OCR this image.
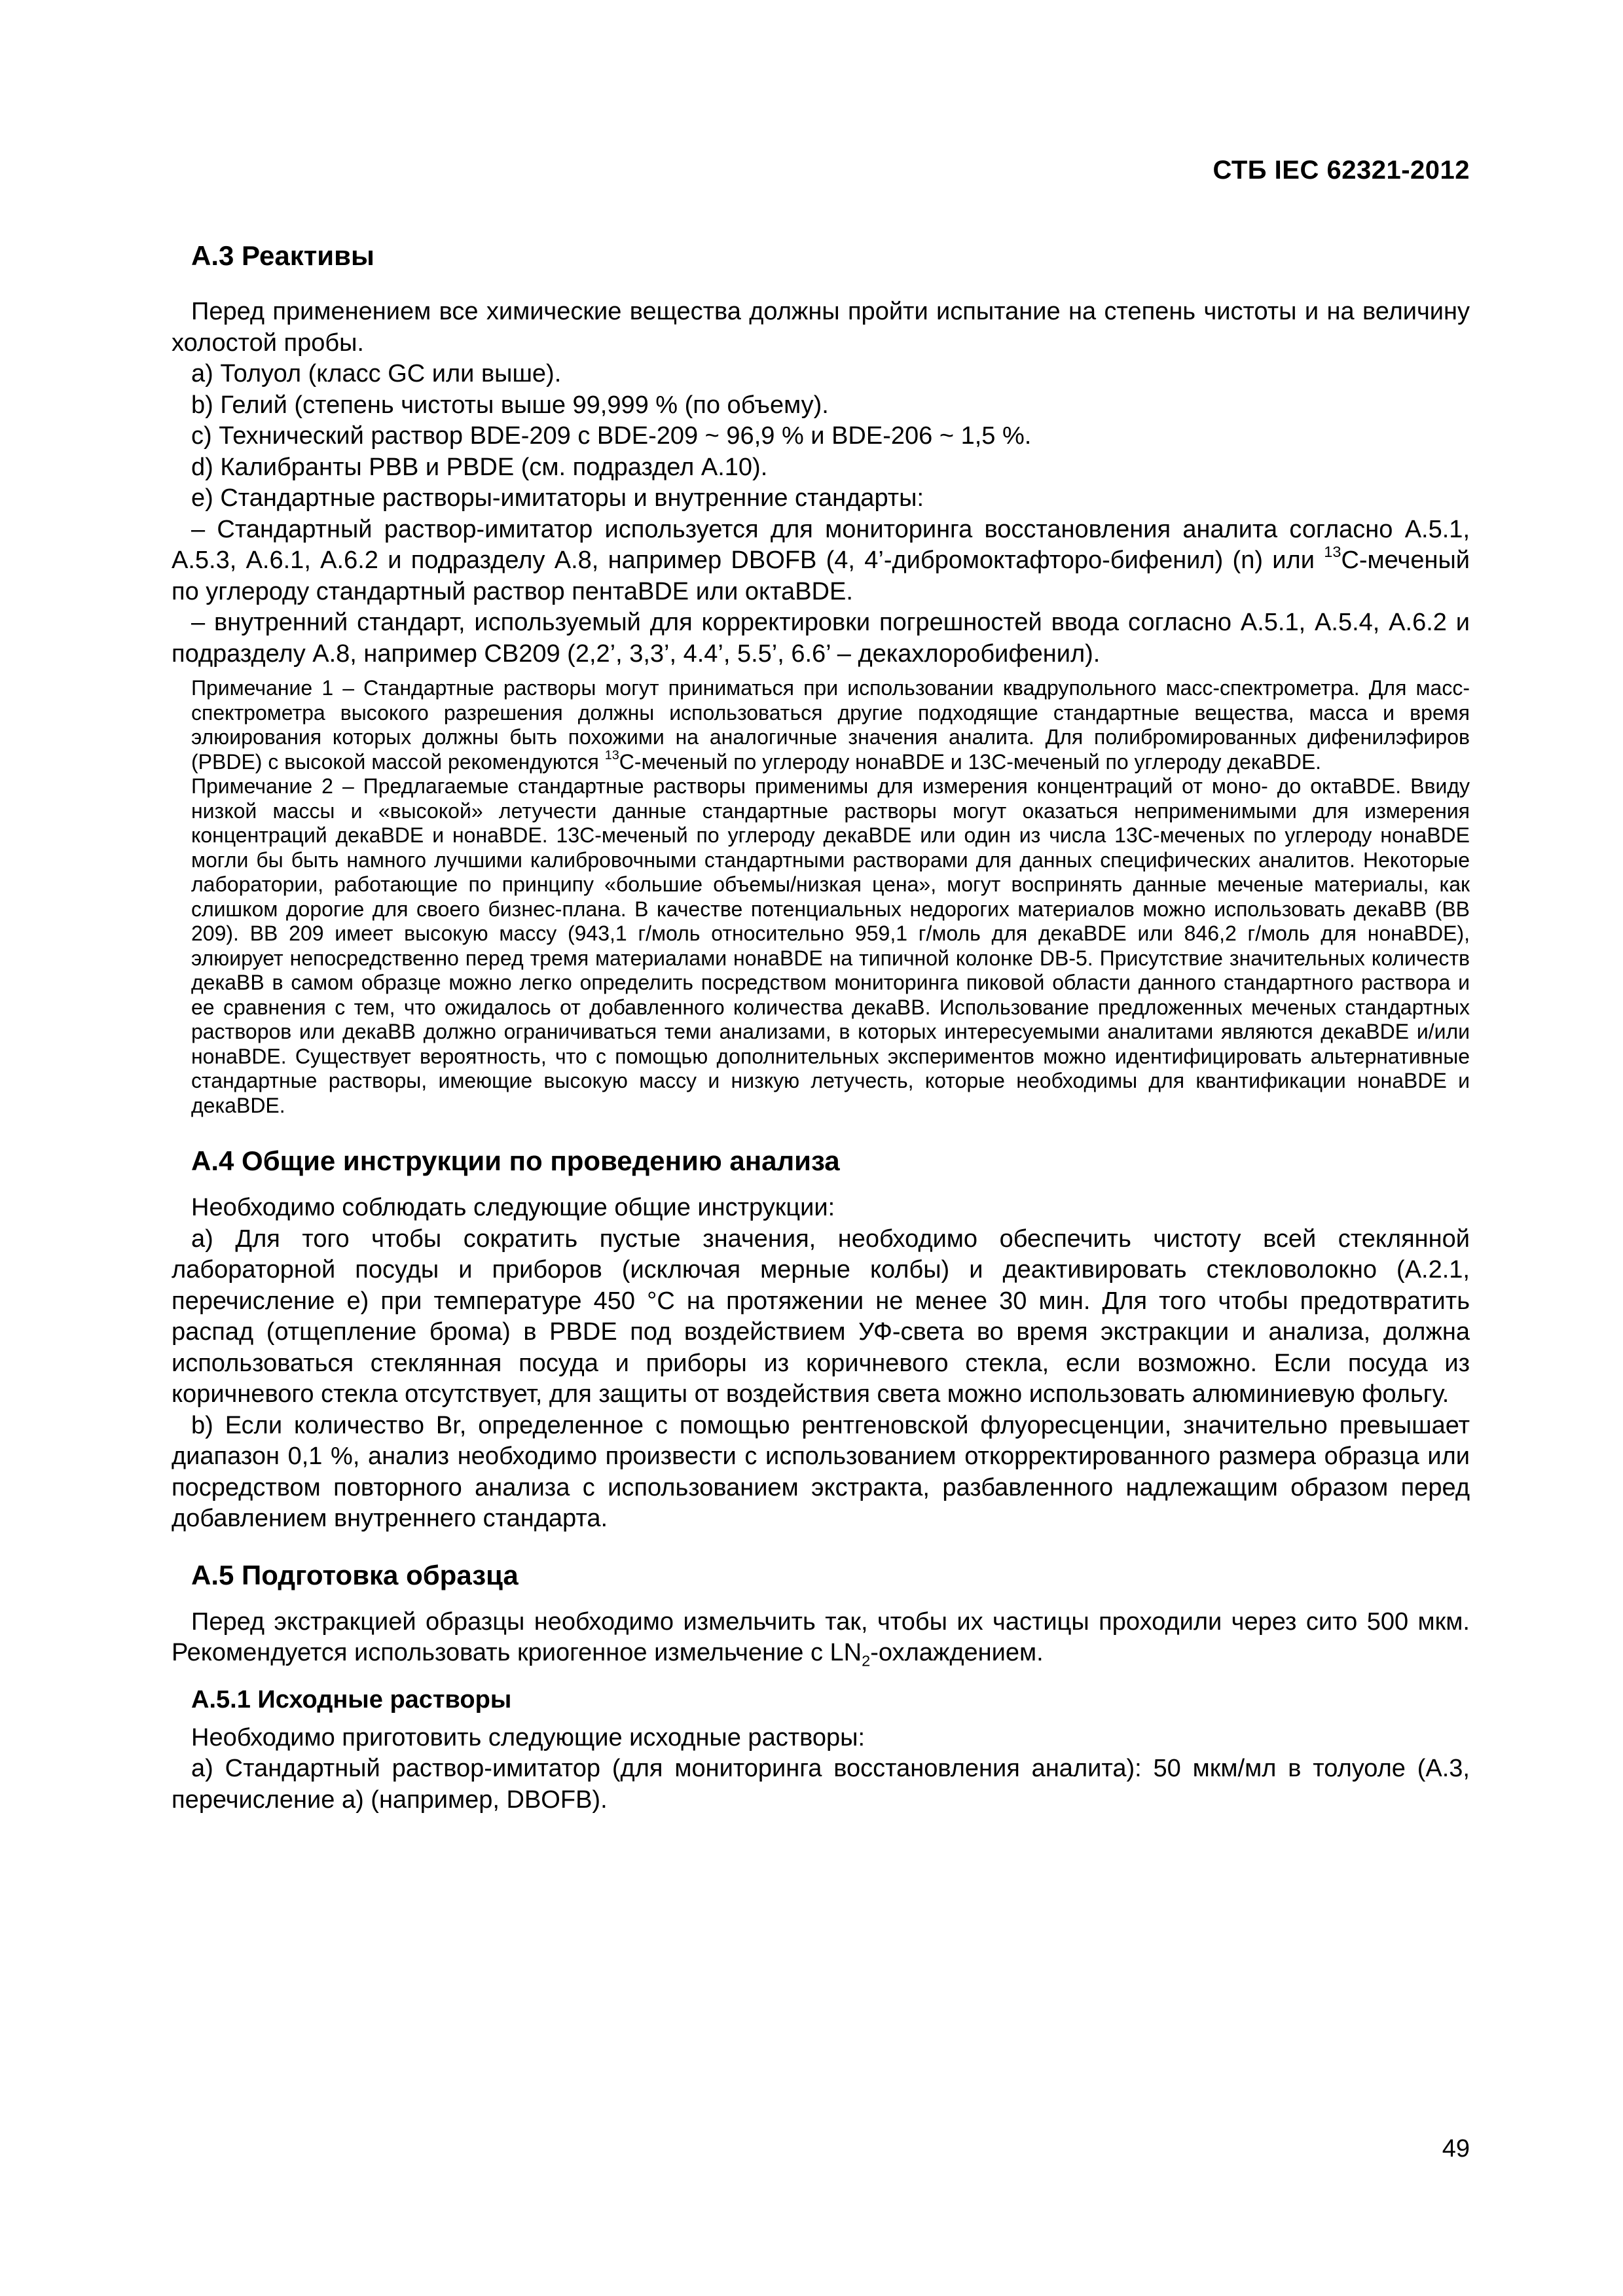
СТБ IEC 62321-2012
А.3 Реактивы

Перед применением все химические вещества должны пройти испытание на степень чистоты и на величину холостой пробы.

a) Толуол (класс GC или выше).

b) Гелий (степень чистоты выше 99,999 % (по объему).

c) Технический раствор BDE-209 с BDE-209 ~ 96,9 % и BDE-206 ~ 1,5 %.

d) Калибранты PBB и PBDE (см. подраздел А.10).

e) Стандартные растворы-имитаторы и внутренние стандарты:

– Стандартный раствор-имитатор используется для мониторинга восстановления аналита согласно А.5.1, А.5.3, А.6.1, А.6.2 и подразделу А.8, например DBOFB (4, 4’-дибромоктафторо-бифенил) (n) или $^{13}$С-меченый по углероду стандартный раствор пентаBDE или октаBDE.

– внутренний стандарт, используемый для корректировки погрешностей ввода согласно А.5.1, А.5.4, А.6.2 и подразделу А.8, например CB209 (2,2’, 3,3’, 4.4’, 5.5’, 6.6’ – декахлоробифенил).

Примечание 1 – Стандартные растворы могут приниматься при использовании квадрупольного масс-спектрометра. Для масс-спектрометра высокого разрешения должны использоваться другие подходящие стандартные вещества, масса и время элюирования которых должны быть похожими на аналогичные значения аналита. Для полибромированных дифенилэфиров (PBDE) с высокой массой рекомендуются $^{13}$С-меченый по углероду нонаBDE и 13С-меченый по углероду декаBDE.

Примечание 2 – Предлагаемые стандартные растворы применимы для измерения концентраций от моно- до октаBDE. Ввиду низкой массы и «высокой» летучести данные стандартные растворы могут оказаться неприменимыми для измерения концентраций декаBDE и нонаBDE. 13С-меченый по углероду декаBDE или один из числа 13С-меченых по углероду нонаBDE могли бы быть намного лучшими калибровочными стандартными растворами для данных специфических аналитов. Некоторые лаборатории, работающие по принципу «большие объемы/низкая цена», могут воспринять данные меченые материалы, как слишком дорогие для своего бизнес-плана. В качестве потенциальных недорогих материалов можно использовать декаBB (BB 209). BB 209 имеет высокую массу (943,1 г/моль относительно 959,1 г/моль для декаBDE или 846,2 г/моль для нонаBDE), элюирует непосредственно перед тремя материалами нонаBDE на типичной колонке DB-5. Присутствие значительных количеств декаBB в самом образце можно легко определить посредством мониторинга пиковой области данного стандартного раствора и ее сравнения с тем, что ожидалось от добавленного количества декаBB. Использование предложенных меченых стандартных растворов или декаBB должно ограничиваться теми анализами, в которых интересуемыми аналитами являются декаBDE и/или нонаBDE. Существует вероятность, что с помощью дополнительных экспериментов можно идентифицировать альтернативные стандартные растворы, имеющие высокую массу и низкую летучесть, которые необходимы для квантификации нонаBDE и декаBDE.

А.4 Общие инструкции по проведению анализа

Необходимо соблюдать следующие общие инструкции:

a) Для того чтобы сократить пустые значения, необходимо обеспечить чистоту всей стеклянной лабораторной посуды и приборов (исключая мерные колбы) и деактивировать стекловолокно (А.2.1, перечисление e) при температуре 450 °С на протяжении не менее 30 мин. Для того чтобы предотвратить распад (отщепление брома) в PBDE под воздействием УФ-света во время экстракции и анализа, должна использоваться стеклянная посуда и приборы из коричневого стекла, если возможно. Если посуда из коричневого стекла отсутствует, для защиты от воздействия света можно использовать алюминиевую фольгу.

b) Если количество Br, определенное с помощью рентгеновской флуоресценции, значительно превышает диапазон 0,1 %, анализ необходимо произвести с использованием откорректированного размера образца или посредством повторного анализа с использованием экстракта, разбавленного надлежащим образом перед добавлением внутреннего стандарта.

А.5 Подготовка образца

Перед экстракцией образцы необходимо измельчить так, чтобы их частицы проходили через сито 500 мкм. Рекомендуется использовать криогенное измельчение с $LN_2$-охлаждением.

А.5.1 Исходные растворы

Необходимо приготовить следующие исходные растворы:

a) Стандартный раствор-имитатор (для мониторинга восстановления аналита): 50 мкм/мл в толуоле (А.3, перечисление a) (например, DBOFB).

49
